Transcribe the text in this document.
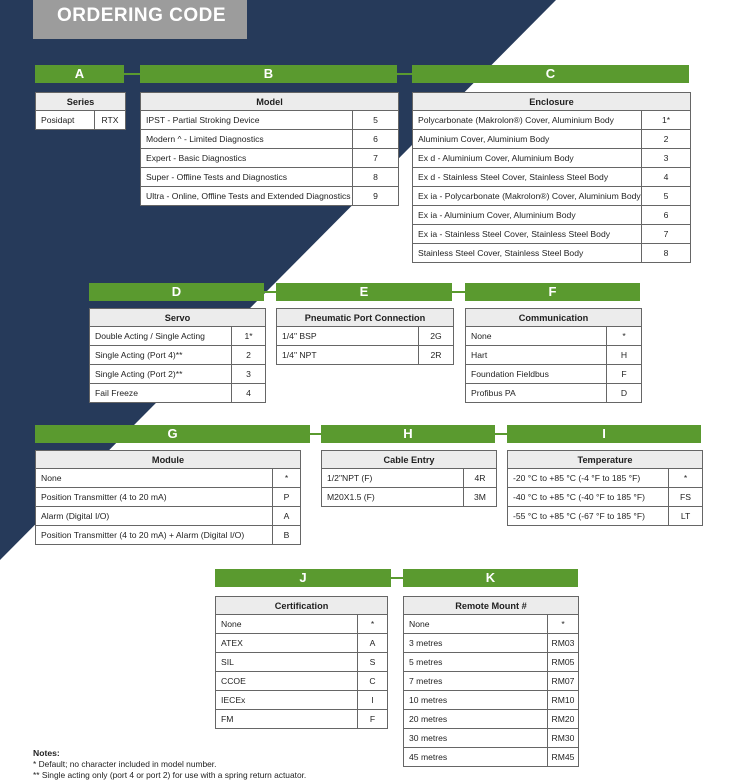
ORDERING CODE
A	B	C
D	E	F
G	H	I
J	K
Series
Posidapt	RTX
Model	
IPST - Partial Stroking Device	5
Modern ^ - Limited Diagnostics	6
Expert - Basic Diagnostics	7
Super - Offline Tests and Diagnostics	8
Ultra - Online, Offline Tests and Extended Diagnostics	9
Enclosure	
Polycarbonate (Makrolon®) Cover, Aluminium Body	1*
Aluminium Cover, Aluminium Body	2
Ex d - Aluminium Cover, Aluminium Body	3
Ex d - Stainless Steel Cover, Stainless Steel Body	4
Ex ia - Polycarbonate (Makrolon®) Cover, Aluminium Body	5
Ex ia - Aluminium Cover, Aluminium Body	6
Ex ia - Stainless Steel Cover, Stainless Steel Body	7
Stainless Steel Cover, Stainless Steel Body	8
Servo	
Double Acting / Single Acting	1*
Single Acting (Port 4)**	2
Single Acting (Port 2)**	3
Fail Freeze	4
Pneumatic Port Connection	
1/4" BSP	2G
1/4" NPT	2R
Communication	
None	*
Hart	H
Foundation Fieldbus	F
Profibus PA	D
Module	
None	*
Position Transmitter (4 to 20 mA)	P
Alarm (Digital I/O)	A
Position Transmitter (4 to 20 mA) + Alarm (Digital I/O)	B
Cable Entry	
1/2"NPT (F)	4R
M20X1.5 (F)	3M
Temperature	
-20 °C to +85 °C (-4 °F to 185 °F)	*
-40 °C to +85 °C (-40 °F to 185 °F)	FS
-55 °C to +85 °C (-67 °F to 185 °F)	LT
Certification	
None	*
ATEX	A
SIL	S
CCOE	C
IECEx	I
FM	F
Remote Mount #	
None	*
3 metres	RM03
5 metres	RM05
7 metres	RM07
10 metres	RM10
20 metres	RM20
30 metres	RM30
45 metres	RM45
Notes:
* Default; no character included in model number.
** Single acting only (port 4 or port 2) for use with a spring return actuator.
